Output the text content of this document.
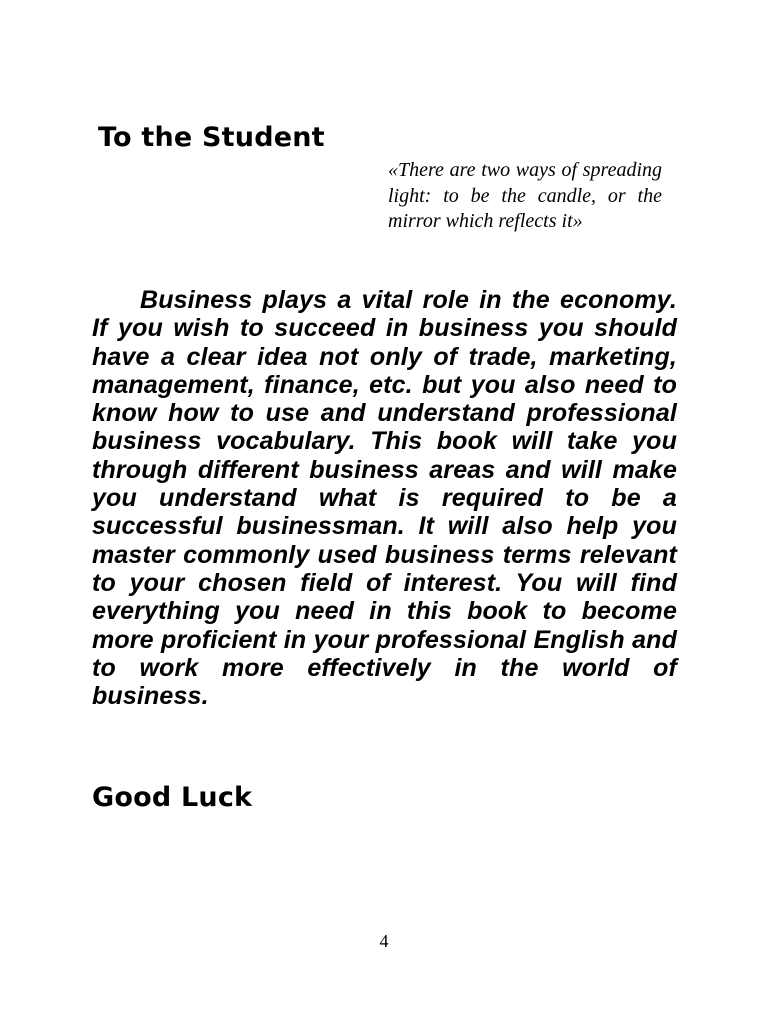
To the Student

«There are two ways of spreading light: to be the candle, or the mirror which reflects it»

Business plays a vital role in the economy. If you wish to succeed in business you should have a clear idea not only of trade, marketing, management, finance, etc. but you also need to know how to use and understand professional business vocabulary. This book will take you through different business areas and will make you understand what is required to be a successful businessman. It will also help you master commonly used business terms relevant to your chosen field of interest. You will find everything you need in this book to become more proficient in your professional English and to work more effectively in the world of business.

Good Luck
4
